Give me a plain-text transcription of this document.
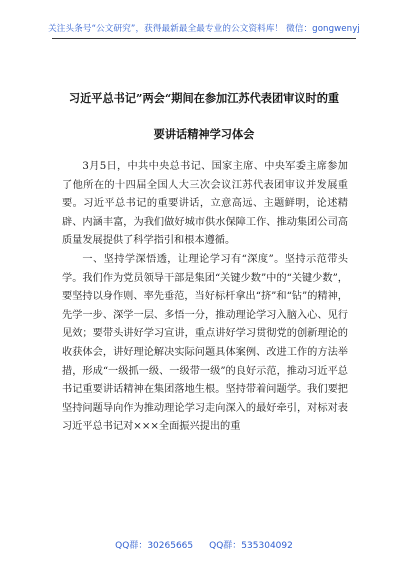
关注头条号“公文研究”，获得最新最全最专业的公文资料库！ 微信：gongwenyj
习近平总书记”两会“期间在参加江苏代表团审议时的重
要讲话精神学习体会

3月5日，中共中央总书记、国家主席、中央军委主席参加了他所在的十四届全国人大三次会议江苏代表团审议并发展重要。习近平总书记的重要讲话，立意高远、主题鲜明，论述精辟、内涵丰富，为我们做好城市供水保障工作、推动集团公司高质量发展提供了科学指引和根本遵循。

一、坚持学深悟透，让理论学习有“深度”。坚持示范带头学。我们作为党员领导干部是集团“关键少数”中的“关键少数”，要坚持以身作则、率先垂范，当好标杆拿出“挤”和“钻”的精神，先学一步、深学一层、多悟一分，推动理论学习入脑入心、见行见效；要带头讲好学习宣讲，重点讲好学习贯彻党的创新理论的收获体会，讲好理论解决实际问题具体案例、改进工作的方法举措，形成“一级抓一级、一级带一级”的良好示范，推动习近平总书记重要讲话精神在集团落地生根。坚持带着问题学。我们要把坚持问题导向作为推动理论学习走向深入的最好牵引，对标对表习近平总书记对×××全面振兴提出的重

QQ群：30265665 QQ群：535304092
